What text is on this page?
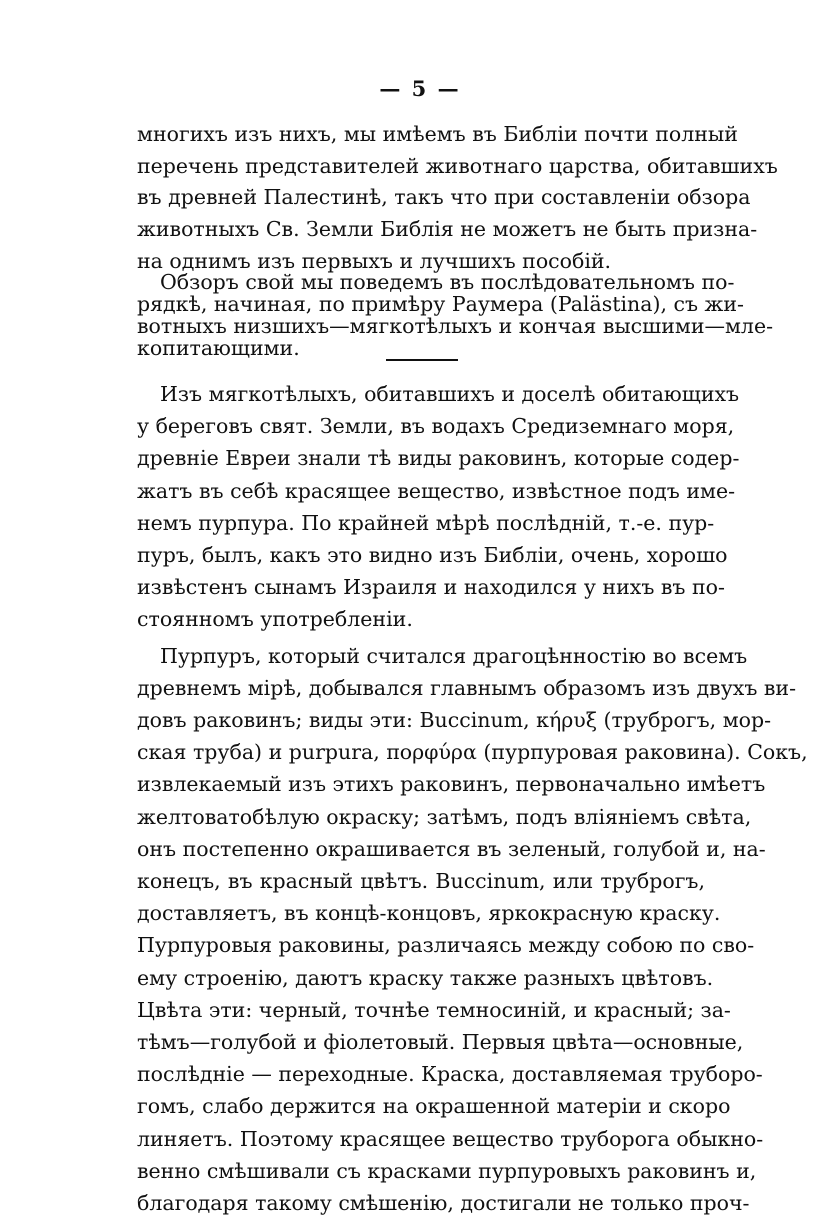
— 5 —
многихъ изъ нихъ, мы имѣемъ въ Библіи почти полный
перечень представителей животнаго царства, обитавшихъ
въ древней Палестинѣ, такъ что при составленіи обзора
животныхъ Св. Земли Библія не можетъ не быть призна-
на однимъ изъ первыхъ и лучшихъ пособій.
Обзоръ свой мы поведемъ въ послѣдовательномъ по-
рядкѣ, начиная, по примѣру Раумера (Palästina), съ жи-
вотныхъ низшихъ—мягкотѣлыхъ и кончая высшими—мле-
копитающими.
Изъ мягкотѣлыхъ, обитавшихъ и доселѣ обитающихъ
у береговъ свят. Земли, въ водахъ Средиземнаго моря,
древніе Евреи знали тѣ виды раковинъ, которые содер-
жатъ въ себѣ красящее вещество, извѣстное подъ име-
немъ пурпура. По крайней мѣрѣ послѣдній, т.-е. пур-
пуръ, былъ, какъ это видно изъ Библіи, очень, хорошо
извѣстенъ сынамъ Израиля и находился у нихъ въ по-
стоянномъ употребленіи.
Пурпуръ, который считался драгоцѣнностію во всемъ
древнемъ мірѣ, добывался главнымъ образомъ изъ двухъ ви-
довъ раковинъ; виды эти: Buccinum, κήρυξ (труброгъ, мор-
ская труба) и purpura, πορφύρα (пурпуровая раковина). Сокъ,
извлекаемый изъ этихъ раковинъ, первоначально имѣетъ
желтоватобѣлую окраску; затѣмъ, подъ вліяніемъ свѣта,
онъ постепенно окрашивается въ зеленый, голубой и, на-
конецъ, въ красный цвѣтъ. Buccinum, или труброгъ,
доставляетъ, въ концѣ-концовъ, яркокрасную краску.
Пурпуровыя раковины, различаясь между собою по сво-
ему строенію, даютъ краску также разныхъ цвѣтовъ.
Цвѣта эти: черный, точнѣе темносиній, и красный; за-
тѣмъ—голубой и фіолетовый. Первыя цвѣта—основные,
послѣдніе — переходные. Краска, доставляемая труборо-
гомъ, слабо держится на окрашенной матеріи и скоро
линяетъ. Поэтому красящее вещество труборога обыкно-
венно смѣшивали съ красками пурпуровыхъ раковинъ и,
благодаря такому смѣшенію, достигали не только проч-
